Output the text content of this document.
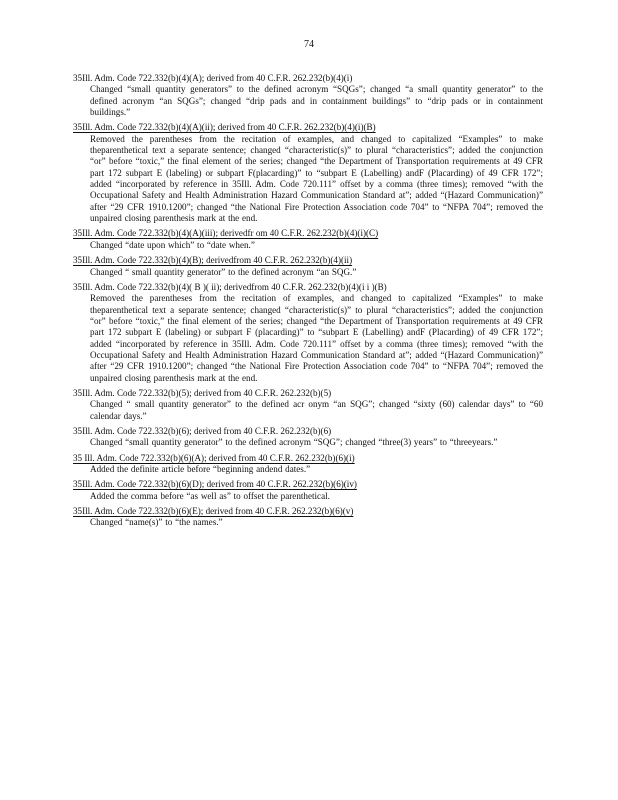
74
35Ill. Adm. Code 722.332(b)(4)(A); derived from 40 C.F.R. 262.232(b)(4)(i)
Changed “small quantity generators” to the defined acronym “SQGs”; changed “a small quantity generator” to the defined acronym “an SQGs”; changed “drip pads and in containment buildings” to “drip pads or in containment buildings.”
35Ill. Adm. Code 722.332(b)(4)(A)(ii); derived from 40 C.F.R. 262.232(b)(4)(i)(B)
Removed the parentheses from the recitation of examples, and changed to capitalized “Examples” to make theparenthetical text a separate sentence; changed “characteristic(s)” to plural “characteristics”; added the conjunction “or” before “toxic,” the final element of the series; changed “the Department of Transportation requirements at 49 CFR part 172 subpart E (labeling) or subpart F(placarding)” to “subpart E (Labelling) andF (Placarding) of 49 CFR 172”; added “incorporated by reference in 35Ill. Adm. Code 720.111” offset by a comma (three times); removed “with the Occupational Safety and Health Administration Hazard Communication Standard at”; added “(Hazard Communication)” after “29 CFR 1910.1200”; changed “the National Fire Protection Association code 704” to “NFPA 704”; removed the unpaired closing parenthesis mark at the end.
35Ill. Adm. Code 722.332(b)(4)(A)(iii); derivedfr om 40 C.F.R. 262.232(b)(4)(i)(C)
Changed “date upon which” to “date when.”
35Ill. Adm. Code 722.332(b)(4)(B); derivedfrom 40 C.F.R. 262.232(b)(4)(ii)
Changed “ small quantity generator” to the defined acronym “an SQG.”
35Ill. Adm. Code 722.332(b)(4)( B )( ii); derivedfrom 40 C.F.R. 262.232(b)(4)(i i )(B)
Removed the parentheses from the recitation of examples, and changed to capitalized “Examples” to make theparenthetical text a separate sentence; changed “characteristic(s)” to plural “characteristics”; added the conjunction “or” before “toxic,” the final element of the series; changed “the Department of Transportation requirements at 49 CFR part 172 subpart E (labeling) or subpart F (placarding)” to “subpart E (Labelling) andF (Placarding) of 49 CFR 172”; added “incorporated by reference in 35Ill. Adm. Code 720.111” offset by a comma (three times); removed “with the Occupational Safety and Health Administration Hazard Communication Standard at”; added “(Hazard Communication)” after “29 CFR 1910.1200”; changed “the National Fire Protection Association code 704” to “NFPA 704”; removed the unpaired closing parenthesis mark at the end.
35Ill. Adm. Code 722.332(b)(5); derived from 40 C.F.R. 262.232(b)(5)
Changed “ small quantity generator” to the defined acr onym “an SQG”; changed “sixty (60) calendar days” to “60 calendar days.”
35Ill. Adm. Code 722.332(b)(6); derived from 40 C.F.R. 262.232(b)(6)
Changed “small quantity generator” to the defined acronym “SQG”; changed “three(3) years” to “threeyears.”
35 Ill. Adm. Code 722.332(b)(6)(A); derived from 40 C.F.R. 262.232(b)(6)(i)
Added the definite article before “beginning andend dates.”
35Ill. Adm. Code 722.332(b)(6)(D); derived from 40 C.F.R. 262.232(b)(6)(iv)
Added the comma before “as well as” to offset the parenthetical.
35Ill. Adm. Code 722.332(b)(6)(E); derived from 40 C.F.R. 262.232(b)(6)(v)
Changed “name(s)” to “the names.”
